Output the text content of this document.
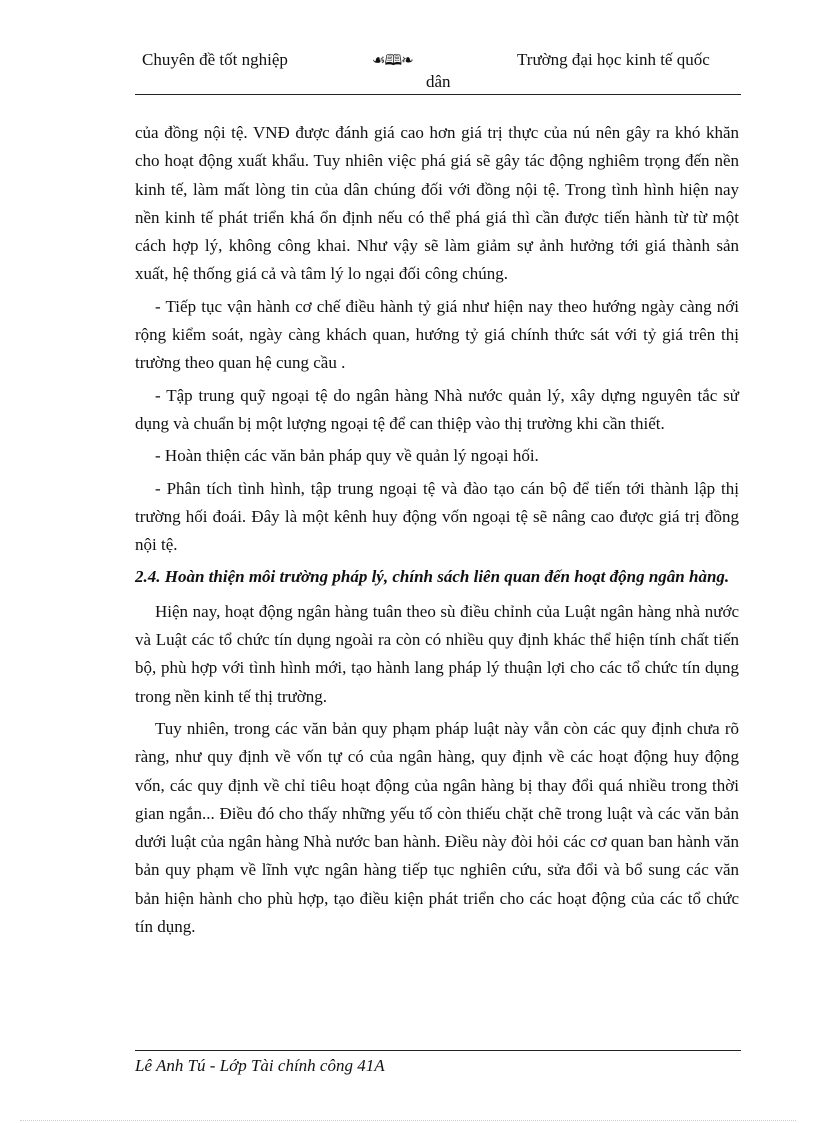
Chuyên đề tốt nghiệp	☙🕮❧	Trường đại học kinh tế quốc
dân

của đồng nội tệ. VNĐ được đánh giá cao hơn giá trị thực của nú nên gây ra khó khăn cho hoạt động xuất khẩu. Tuy nhiên việc phá giá sẽ gây tác động nghiêm trọng đến nền kinh tế, làm mất lòng tin của dân chúng đối với đồng nội tệ. Trong tình hình hiện nay nền kinh tế phát triển khá ổn định nếu có thể phá giá thì cần được tiến hành từ từ một cách hợp lý, không công khai. Như vậy sẽ làm giảm sự ảnh hưởng tới giá thành sản xuất, hệ thống giá cả và tâm lý lo ngại đối công chúng.

- Tiếp tục vận hành cơ chế điều hành tỷ giá như hiện nay theo hướng ngày càng nới rộng kiểm soát, ngày càng khách quan, hướng tỷ giá chính thức sát với tỷ giá trên thị trường theo quan hệ cung cầu .

- Tập trung quỹ ngoại tệ do ngân hàng Nhà nước quản lý, xây dựng nguyên tắc sử dụng và chuẩn bị một lượng ngoại tệ để can thiệp vào thị trường khi cần thiết.

- Hoàn thiện các văn bản pháp quy về quản lý ngoại hối.

- Phân tích tình hình, tập trung ngoại tệ và đào tạo cán bộ để tiến tới thành lập thị trường hối đoái. Đây là một kênh huy động vốn ngoại tệ sẽ nâng cao được giá trị đồng nội tệ.

2.4. Hoàn thiện môi trường pháp lý, chính sách liên quan đến hoạt động ngân hàng.

Hiện nay, hoạt động ngân hàng tuân theo sù điều chỉnh của Luật ngân hàng nhà nước và Luật các tổ chức tín dụng ngoài ra còn có nhiều quy định khác thể hiện tính chất tiến bộ, phù hợp với tình hình mới, tạo hành lang pháp lý thuận lợi cho các tổ chức tín dụng trong nền kinh tế thị trường.

Tuy nhiên, trong các văn bản quy phạm pháp luật này vẫn còn các quy định chưa rõ ràng, như quy định về vốn tự có của ngân hàng, quy định về các hoạt động huy động vốn, các quy định về chỉ tiêu hoạt động của ngân hàng bị thay đổi quá nhiều trong thời gian ngắn... Điều đó cho thấy những yếu tố còn thiếu chặt chẽ trong luật và các văn bản dưới luật của ngân hàng Nhà nước ban hành. Điều này đòi hỏi các cơ quan ban hành văn bản quy phạm về lĩnh vực ngân hàng tiếp tục nghiên cứu, sửa đổi và bổ sung các văn bản hiện hành cho phù hợp, tạo điều kiện phát triển cho các hoạt động của các tổ chức tín dụng.

Lê Anh Tú - Lớp Tài chính công 41A
